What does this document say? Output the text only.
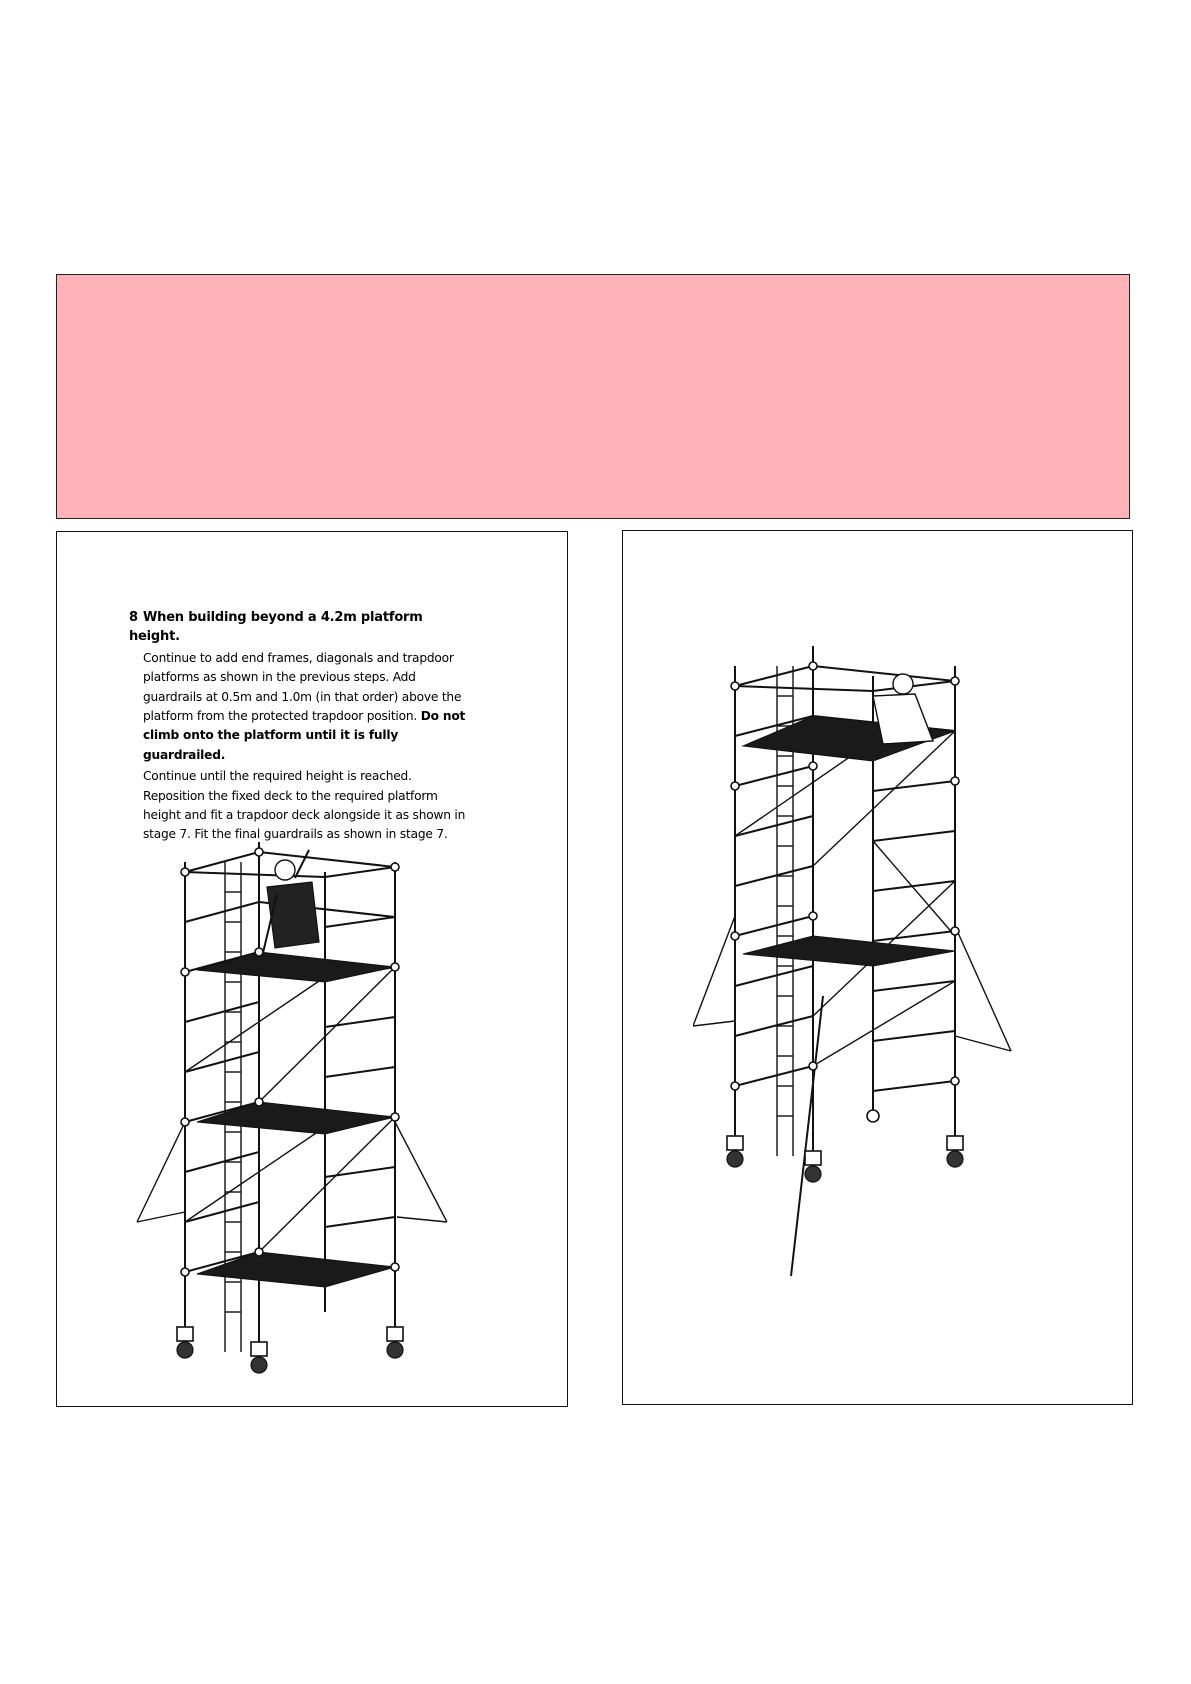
8 When building beyond a 4.2m platform height.

Continue to add end frames, diagonals and trapdoor platforms as shown in the previous steps. Add guardrails at 0.5m and 1.0m (in that order) above the platform from the protected trapdoor position. Do not climb onto the platform until it is fully guardrailed.

Continue until the required height is reached. Reposition the fixed deck to the required platform height and fit a trapdoor deck alongside it as shown in stage 7. Fit the final guardrails as shown in stage 7.
